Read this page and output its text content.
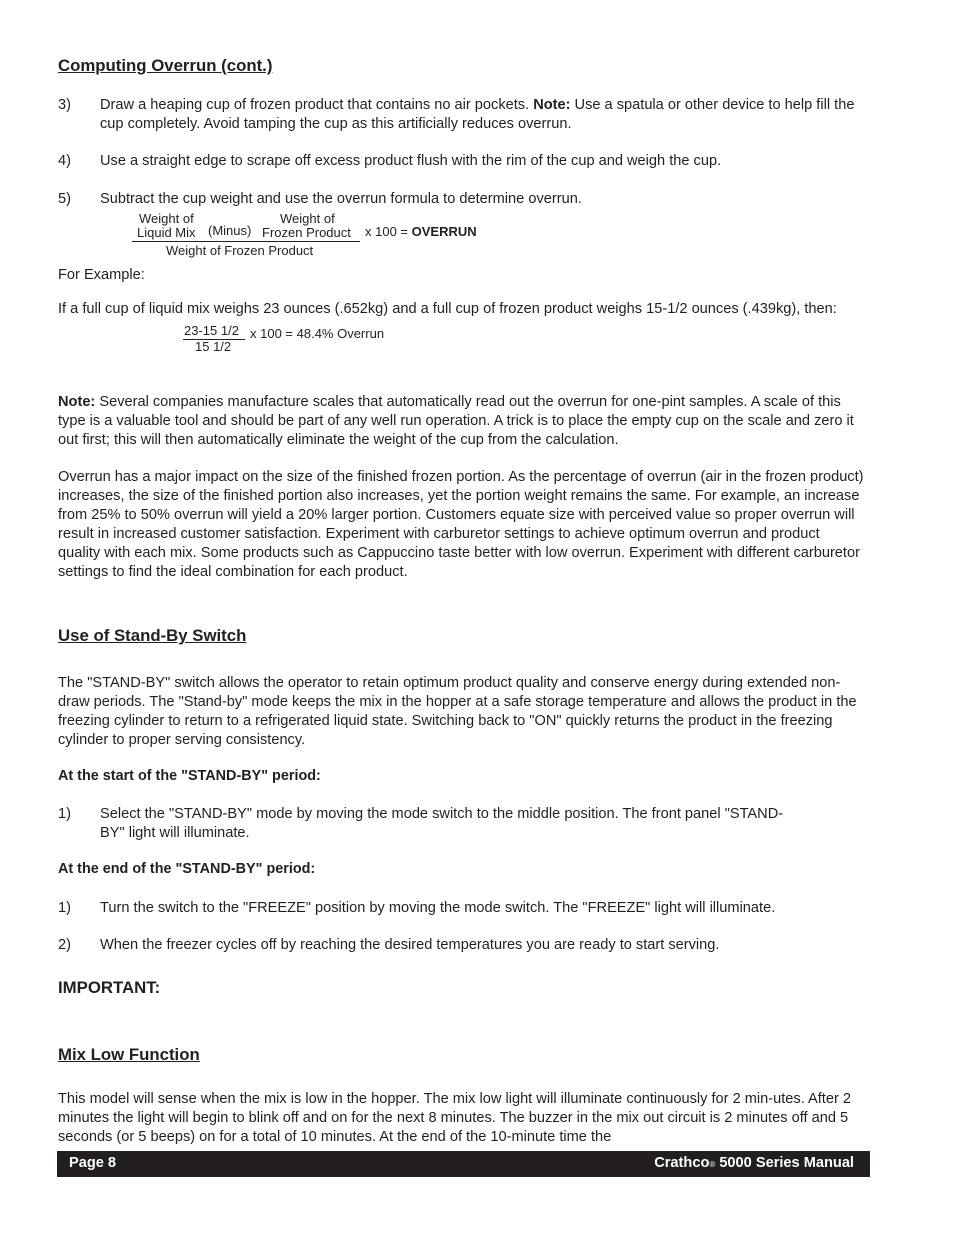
Computing Overrun (cont.)
3) Draw a heaping cup of frozen product that contains no air pockets. Note: Use a spatula or other device to help fill the cup completely. Avoid tamping the cup as this artificially reduces overrun.
4) Use a straight edge to scrape off excess product flush with the rim of the cup and weigh the cup.
5) Subtract the cup weight and use the overrun formula to determine overrun.
Weight of
Liquid Mix (Minus)
Weight of
Frozen Product x 100 = OVERRUN
Weight of Frozen Product
For Example:
If a full cup of liquid mix weighs 23 ounces (.652kg) and a full cup of frozen product weighs 15-1/2 ounces (.439kg), then:
23-15 1/2
15 1/2
x 100 = 48.4% Overrun
Note: Several companies manufacture scales that automatically read out the overrun for one-pint samples. A scale of this type is a valuable tool and should be part of any well run operation. A trick is to place the empty cup on the scale and zero it out first; this will then automatically eliminate the weight of the cup from the calculation.
Overrun has a major impact on the size of the finished frozen portion. As the percentage of overrun (air in the frozen product) increases, the size of the finished portion also increases, yet the portion weight remains the same. For example, an increase from 25% to 50% overrun will yield a 20% larger portion. Customers equate size with perceived value so proper overrun will result in increased customer satisfaction. Experiment with carburetor settings to achieve optimum overrun and product quality with each mix. Some products such as Cappuccino taste better with low overrun. Experiment with different carburetor settings to find the ideal combination for each product.
Use of Stand-By Switch
The "STAND-BY" switch allows the operator to retain optimum product quality and conserve energy during extended non-draw periods. The "Stand-by" mode keeps the mix in the hopper at a safe storage temperature and allows the product in the freezing cylinder to return to a refrigerated liquid state. Switching back to "ON" quickly returns the product in the freezing cylinder to proper serving consistency.
At the start of the "STAND-BY" period:
1) Select the "STAND-BY" mode by moving the mode switch to the middle position. The front panel "STAND-BY" light will illuminate.
At the end of the "STAND-BY" period:
1) Turn the switch to the "FREEZE" position by moving the mode switch. The "FREEZE" light will illuminate.
2) When the freezer cycles off by reaching the desired temperatures you are ready to start serving.
IMPORTANT:
Mix Low Function
This model will sense when the mix is low in the hopper. The mix low light will illuminate continuously for 2 min-utes. After 2 minutes the light will begin to blink off and on for the next 8 minutes. The buzzer in the mix out circuit is 2 minutes off and 5 seconds (or 5 beeps) on for a total of 10 minutes. At the end of the 10-minute time the
Page 8	Crathco® 5000 Series Manual
